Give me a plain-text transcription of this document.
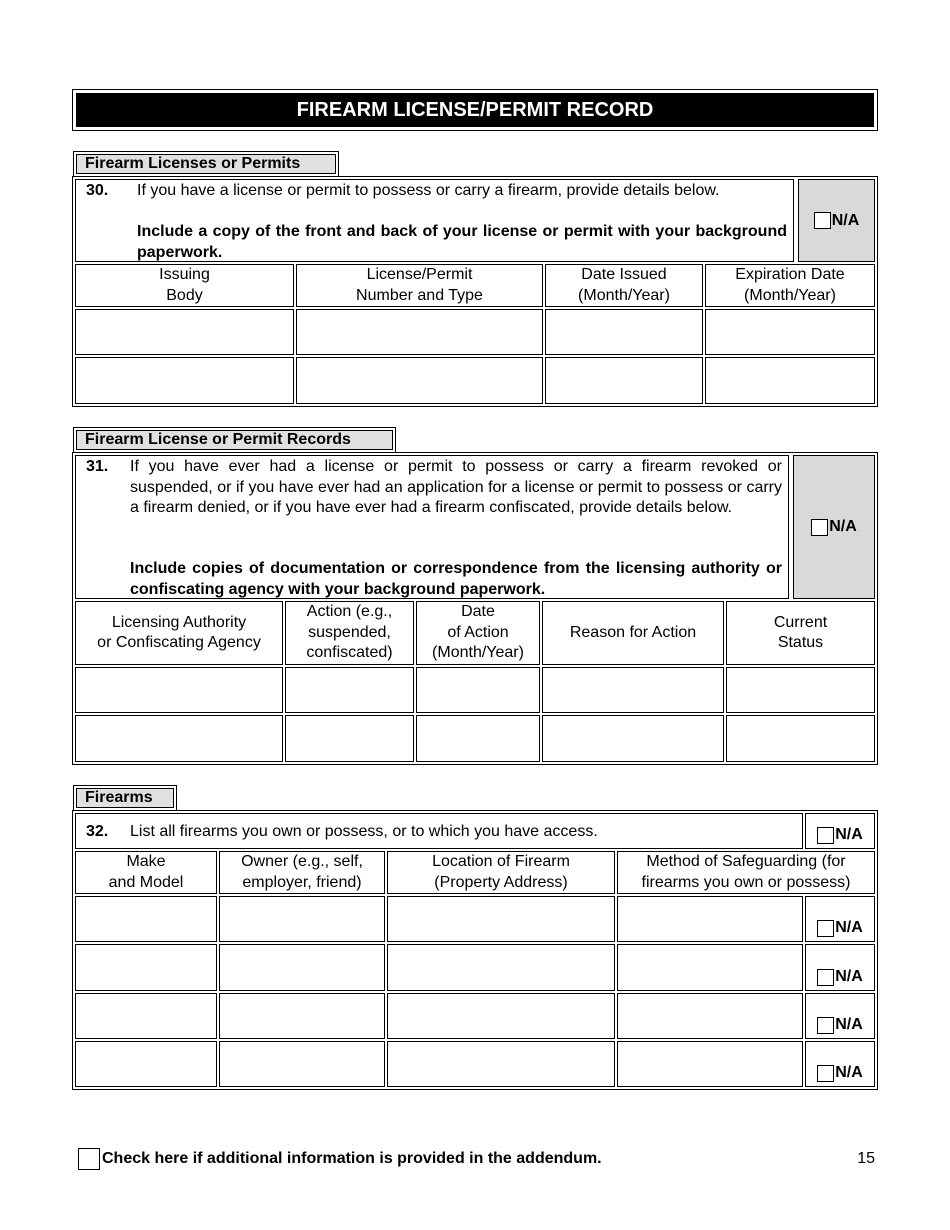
FIREARM LICENSE/PERMIT RECORD
Firearm Licenses or Permits
30. If you have a license or permit to possess or carry a firearm, provide details below.
Include a copy of the front and back of your license or permit with your background paperwork.
N/A
Issuing
Body
License/Permit
Number and Type
Date Issued
(Month/Year)
Expiration Date
(Month/Year)
Firearm License or Permit Records
31. If you have ever had a license or permit to possess or carry a firearm revoked or suspended, or if you have ever had an application for a license or permit to possess or carry a firearm denied, or if you have ever had a firearm confiscated, provide details below.
Include copies of documentation or correspondence from the licensing authority or confiscating agency with your background paperwork.
N/A
Licensing Authority
or Confiscating Agency
Action (e.g.,
suspended,
confiscated)
Date
of Action
(Month/Year)
Reason for Action
Current
Status
Firearms
32. List all firearms you own or possess, or to which you have access.	N/A
Make
and Model
Owner (e.g., self,
employer, friend)
Location of Firearm
(Property Address)
Method of Safeguarding (for
firearms you own or possess)
N/A
N/A
N/A
N/A
Check here if additional information is provided in the addendum.	15
